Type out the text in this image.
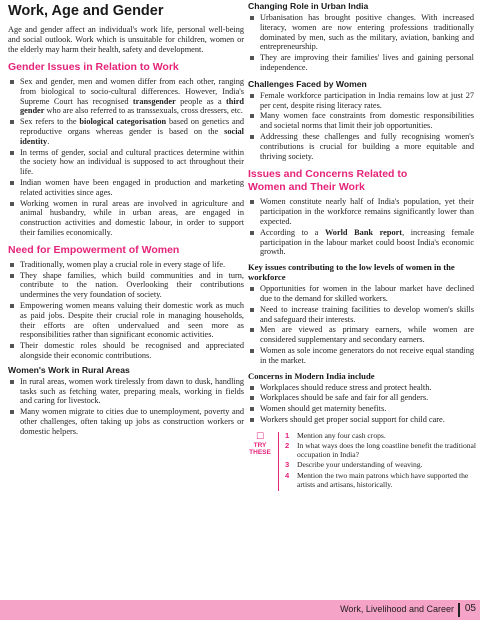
Work, Age and Gender

Age and gender affect an individual's work life, personal well-being and social outlook. Work which is unsuitable for children, women or the elderly may harm their health, safety and development.

Gender Issues in Relation to Work
Sex and gender, men and women differ from each other, ranging from biological to socio-cultural differences. However, India's Supreme Court has recognised transgender people as a third gender who are also referred to as transsexuals, cross dressers, etc.
Sex refers to the biological categorisation based on genetics and reproductive organs whereas gender is based on the social identity.
In terms of gender, social and cultural practices determine within the society how an individual is supposed to act throughout their life.
Indian women have been engaged in production and marketing related activities since ages.
Working women in rural areas are involved in agriculture and animal husbandry, while in urban areas, are engaged in construction activities and domestic labour, in order to support their families economically.
Need for Empowerment of Women
Traditionally, women play a crucial role in every stage of life.
They shape families, which build communities and in turn, contribute to the nation. Overlooking their contributions undermines the very foundation of society.
Empowering women means valuing their domestic work as much as paid jobs. Despite their crucial role in managing households, their efforts are often undervalued and seen more as responsibilities rather than significant economic activities.
Their domestic roles should be recognised and appreciated alongside their economic contributions.
Women's Work in Rural Areas
In rural areas, women work tirelessly from dawn to dusk, handling tasks such as fetching water, preparing meals, working in fields and caring for livestock.
Many women migrate to cities due to unemployment, poverty and other challenges, often taking up jobs as construction workers or domestic helpers.
Changing Role in Urban India
Urbanisation has brought positive changes. With increased literacy, women are now entering professions traditionally dominated by men, such as the military, aviation, banking and entrepreneurship.
They are improving their families' lives and gaining personal independence.
Challenges Faced by Women
Female workforce participation in India remains low at just 27 per cent, despite rising literacy rates.
Many women face constraints from domestic responsibilities and societal norms that limit their job opportunities.
Addressing these challenges and fully recognising women's contributions is crucial for building a more equitable and thriving society.
Issues and Concerns Related to
Women and Their Work
Women constitute nearly half of India's population, yet their participation in the workforce remains significantly lower than expected.
According to a World Bank report, increasing female participation in the labour market could boost India's economic growth.
Key issues contributing to the low levels of women in the workforce
Opportunities for women in the labour market have declined due to the demand for skilled workers.
Need to increase training facilities to develop women's skills and safeguard their interests.
Men are viewed as primary earners, while women are considered supplementary and secondary earners.
Women as sole income generators do not receive equal standing in the market.
Concerns in Modern India include
Workplaces should reduce stress and protect health.
Workplaces should be safe and fair for all genders.
Women should get maternity benefits.
Workers should get proper social support for child care.
☐
TRY
THESE
1 Mention any four cash crops.
2 In what ways does the long coastline benefit the traditional occupation in India?
3 Describe your understanding of weaving.
4 Mention the two main patrons which have supported the artists and artisans, historically.
Work, Livelihood and Career 05
